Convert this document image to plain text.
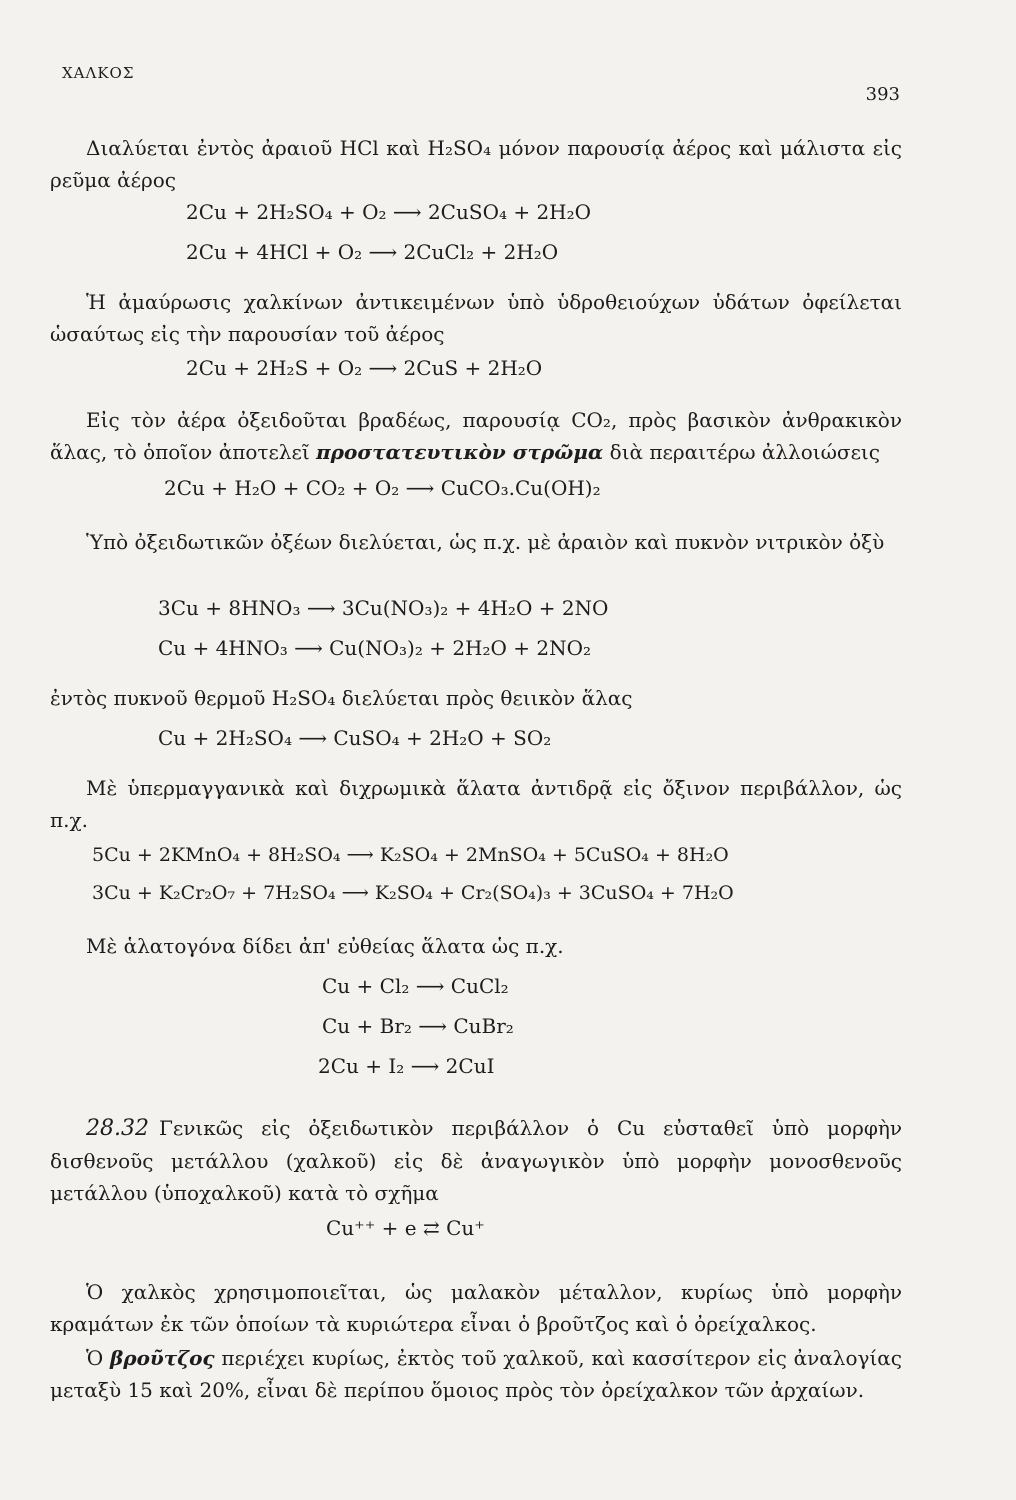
ΧΑΛΚΟΣ
393
Διαλύεται ἐντὸς ἀραιοῦ HCl καὶ H₂SO₄ μόνον παρουσίᾳ ἀέρος καὶ μάλιστα εἰς ρεῦμα ἀέρος
2Cu + 2H₂SO₄ + O₂ ⟶ 2CuSO₄ + 2H₂O
2Cu + 4HCl + O₂ ⟶ 2CuCl₂ + 2H₂O
Ἡ ἀμαύρωσις χαλκίνων ἀντικειμένων ὑπὸ ὑδροθειούχων ὑδάτων ὀφείλεται ὡσαύτως εἰς τὴν παρουσίαν τοῦ ἀέρος
2Cu + 2H₂S + O₂ ⟶ 2CuS + 2H₂O
Εἰς τὸν ἀέρα ὀξειδοῦται βραδέως, παρουσίᾳ CO₂, πρὸς βασικὸν ἀνθρακικὸν ἅλας, τὸ ὁποῖον ἀποτελεῖ προστατευτικὸν στρῶμα διὰ περαιτέρω ἀλλοιώσεις
2Cu + H₂O + CO₂ + O₂ ⟶ CuCO₃.Cu(OH)₂
Ὑπὸ ὀξειδωτικῶν ὀξέων διελύεται, ὡς π.χ. μὲ ἀραιὸν καὶ πυκνὸν νιτρικὸν ὀξὺ
3Cu + 8HNO₃ ⟶ 3Cu(NO₃)₂ + 4H₂O + 2NO
Cu + 4HNO₃ ⟶ Cu(NO₃)₂ + 2H₂O + 2NO₂
ἐντὸς πυκνοῦ θερμοῦ H₂SO₄ διελύεται πρὸς θειικὸν ἅλας
Cu + 2H₂SO₄ ⟶ CuSO₄ + 2H₂O + SO₂
Μὲ ὑπερμαγγανικὰ καὶ διχρωμικὰ ἅλατα ἀντιδρᾷ εἰς ὄξινον περιβάλλον, ὡς π.χ.
5Cu + 2KMnO₄ + 8H₂SO₄ ⟶ K₂SO₄ + 2MnSO₄ + 5CuSO₄ + 8H₂O
3Cu + K₂Cr₂O₇ + 7H₂SO₄ ⟶ K₂SO₄ + Cr₂(SO₄)₃ + 3CuSO₄ + 7H₂O
Μὲ ἁλατογόνα δίδει ἀπ' εὐθείας ἅλατα ὡς π.χ.
Cu + Cl₂ ⟶ CuCl₂
Cu + Br₂ ⟶ CuBr₂
2Cu + I₂ ⟶ 2CuI
28.32 Γενικῶς εἰς ὀξειδωτικὸν περιβάλλον ὁ Cu εὐσταθεῖ ὑπὸ μορφὴν δισθενοῦς μετάλλου (χαλκοῦ) εἰς δὲ ἀναγωγικὸν ὑπὸ μορφὴν μονοσθενοῦς μετάλλου (ὑποχαλκοῦ) κατὰ τὸ σχῆμα
Cu⁺⁺ + e ⇄ Cu⁺
Ὁ χαλκὸς χρησιμοποιεῖται, ὡς μαλακὸν μέταλλον, κυρίως ὑπὸ μορφὴν κραμάτων ἐκ τῶν ὁποίων τὰ κυριώτερα εἶναι ὁ βροῦτζος καὶ ὁ ὀρείχαλκος.
Ὁ βροῦτζος περιέχει κυρίως, ἐκτὸς τοῦ χαλκοῦ, καὶ κασσίτερον εἰς ἀναλογίας μεταξὺ 15 καὶ 20%, εἶναι δὲ περίπου ὅμοιος πρὸς τὸν ὀρείχαλκον τῶν ἀρχαίων.
